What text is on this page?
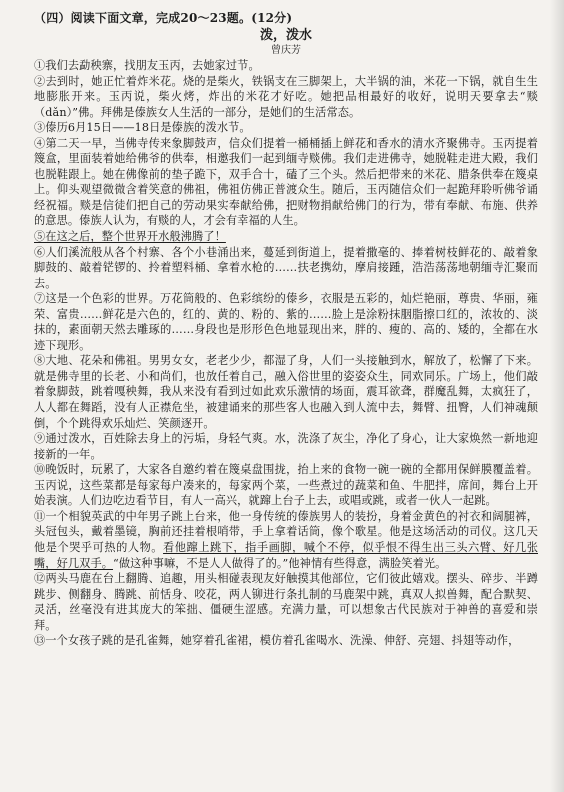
（四）阅读下面文章，完成20～23题。(12分)
泼，泼水
曾庆芳

①我们去勐秧寨，找朋友玉丙，去她家过节。

②去到时，她正忙着炸米花。烧的是柴火，铁锅支在三脚架上，大半锅的油，米花一下锅，就自生生地膨胀开来。玉丙说，柴火烤，炸出的米花才好吃。她把品相最好的收好，说明天要拿去“赕（dǎn）”佛。拜佛是傣族女人生活的一部分，是她们的生活常态。

③傣历6月15日——18日是傣族的泼水节。

④第二天一早，当佛寺传来象脚鼓声，信众们提着一桶桶插上鲜花和香水的清水齐聚佛寺。玉丙提着篾盒，里面装着她给佛爷的供奉，相邀我们一起到缅寺赕佛。我们走进佛寺，她脱鞋走进大殿，我们也脱鞋跟上。她在佛像前的垫子跪下，双手合十，磕了三个头。然后把带来的米花、腊条供奉在篾桌上。仰头观望微微含着笑意的佛祖，佛祖仿佛正普渡众生。随后，玉丙随信众们一起跪拜聆听佛爷诵经祝福。赕是信徒们把自己的劳动果实奉献给佛，把财物捐献给佛门的行为，带有奉献、布施、供养的意思。傣族人认为，有赕的人，才会有幸福的人生。

⑤在这之后，整个世界开水般沸腾了！

⑥人们溪流般从各个村寨、各个小巷涌出来，蔓延到街道上，提着撒毫的、捧着树枝鲜花的、敲着象脚鼓的、敲着铓锣的、拎着塑料桶、拿着水枪的……扶老携幼，摩肩接踵，浩浩荡荡地朝缅寺汇聚而去。

⑦这是一个色彩的世界。万花筒般的、色彩缤纷的傣乡，衣服是五彩的，灿烂艳丽，尊贵、华丽，雍荣、富贵……鲜花是六色的，红的、黄的、粉的、紫的……脸上是涂粉抹胭脂擦口红的，浓妆的、淡抹的，素面朝天然去雕琢的……身段也是形形色色地显现出来，胖的、瘦的、高的、矮的，全都在水迹下现形。

⑧大地、花朵和佛祖。男男女女，老老少少，都湿了身，人们一头接触到水，解放了，松懈了下来。就是佛寺里的长老、小和尚们，也放任着自己，融入俗世里的姿姿众生，同欢同乐。广场上，他们敲着象脚鼓，跳着嘎秧舞，我从来没有看到过如此欢乐激情的场面，震耳欲聋，群魔乱舞，太疯狂了，人人都在舞蹈，没有人正襟危坐，被建诵来的那些客人也融入到人流中去，舞臂、扭臀，人们神魂颠倒，个个跳得欢乐灿烂、笑颜逐开。

⑨通过泼水，百姓除去身上的污垢，身轻气爽。水，洗涤了灰尘，净化了身心，让大家焕然一新地迎接新的一年。

⑩晚饭时，玩累了，大家各自邀约着在篾桌盘围拢，抬上来的食物一碗一碗的全都用保鲜膜覆盖着。玉丙说，这些菜都是每家每户凑来的，每家两个菜，一些煮过的蔬菜和鱼、牛肥拌，席间，舞台上开始表演。人们边吃边看节目，有人一高兴，就蹿上台子上去，或唱或跳，或者一伙人一起跳。

⑪一个相貌英武的中年男子跳上台来，他一身传统的傣族男人的装扮，身着金黄色的衬衣和阔腿裤，头冠包头，戴着墨镜，胸前还挂着根哨带，手上拿着话筒，像个歌星。他是这场活动的司仪。这几天他是个哭乎可热的人物。看他蹿上跳下，指手画脚，喊个不停，似乎恨不得生出三头六臂、好几张嘴，好几双手。“做这种事嘛，不是人人做得了的。”他神情有些得意，满脸笑着光。

⑫两头马鹿在台上翻腾、追趣，用头相碰表现友好触摸其他部位，它们彼此嬉戏。摆头、碎步、半蹲跳步、侧翻身、腾跳、前恬身、咬花，两人铆进行条扎制的马鹿架中跳，真双人拟兽舞，配合默契、灵活，丝毫没有进其庞大的笨拙、僵硬生涩感。充满力量，可以想象古代民族对于神兽的喜爱和崇拜。

⑬一个女孩子跳的是孔雀舞，她穿着孔雀裙，模仿着孔雀喝水、洗澡、伸舒、亮翅、抖翅等动作，
